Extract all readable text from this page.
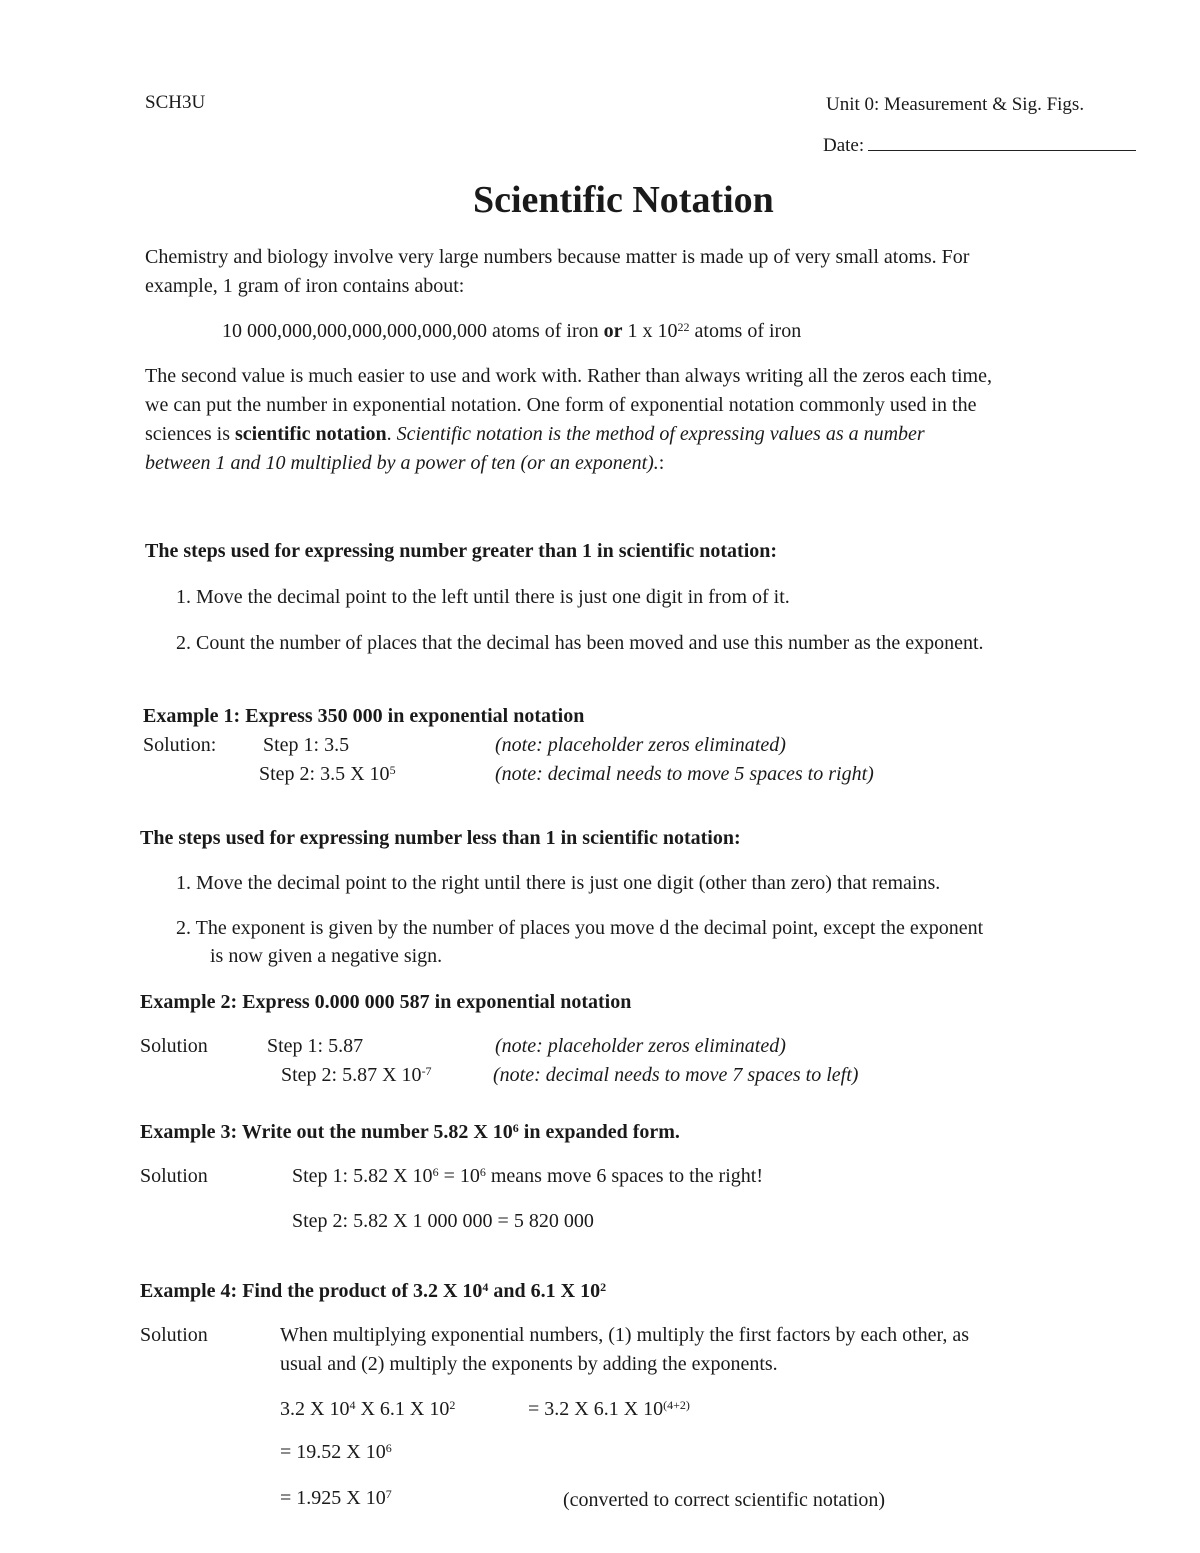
SCH3U	Unit 0: Measurement & Sig. Figs.
Date:
Scientific Notation
Chemistry and biology involve very large numbers because matter is made up of very small atoms. For
example, 1 gram of iron contains about:
10 000,000,000,000,000,000,000 atoms of iron or 1 x $10^{22}$ atoms of iron
The second value is much easier to use and work with. Rather than always writing all the zeros each time,
we can put the number in exponential notation. One form of exponential notation commonly used in the
sciences is scientific notation. Scientific notation is the method of expressing values as a number
between 1 and 10 multiplied by a power of ten (or an exponent).:
The steps used for expressing number greater than 1 in scientific notation:
1. Move the decimal point to the left until there is just one digit in from of it.
2. Count the number of places that the decimal has been moved and use this number as the exponent.
Example 1: Express 350 000 in exponential notation
Solution: Step 1: 3.5	(note: placeholder zeros eliminated)
Step 2: 3.5 X $10^5$	(note: decimal needs to move 5 spaces to right)
The steps used for expressing number less than 1 in scientific notation:
1. Move the decimal point to the right until there is just one digit (other than zero) that remains.
2. The exponent is given by the number of places you move d the decimal point, except the exponent
is now given a negative sign.
Example 2: Express 0.000 000 587 in exponential notation
Solution	Step 1: 5.87	(note: placeholder zeros eliminated)
Step 2: 5.87 X $10^{-7}$	(note: decimal needs to move 7 spaces to left)
Example 3: Write out the number 5.82 X $10^6$ in expanded form.
Solution	Step 1: 5.82 X $10^6 = 10^6$ means move 6 spaces to the right!
Step 2: 5.82 X 1 000 000 = 5 820 000
Example 4: Find the product of 3.2 X $10^4$ and 6.1 X $10^2$
Solution	When multiplying exponential numbers, (1) multiply the first factors by each other, as
usual and (2) multiply the exponents by adding the exponents.
3.2 X $10^4$ X 6.1 X $10^2$	= 3.2 X 6.1 X $10^{(4+2)}$
= 19.52 X $10^6$
= 1.925 X $10^7$	(converted to correct scientific notation)
